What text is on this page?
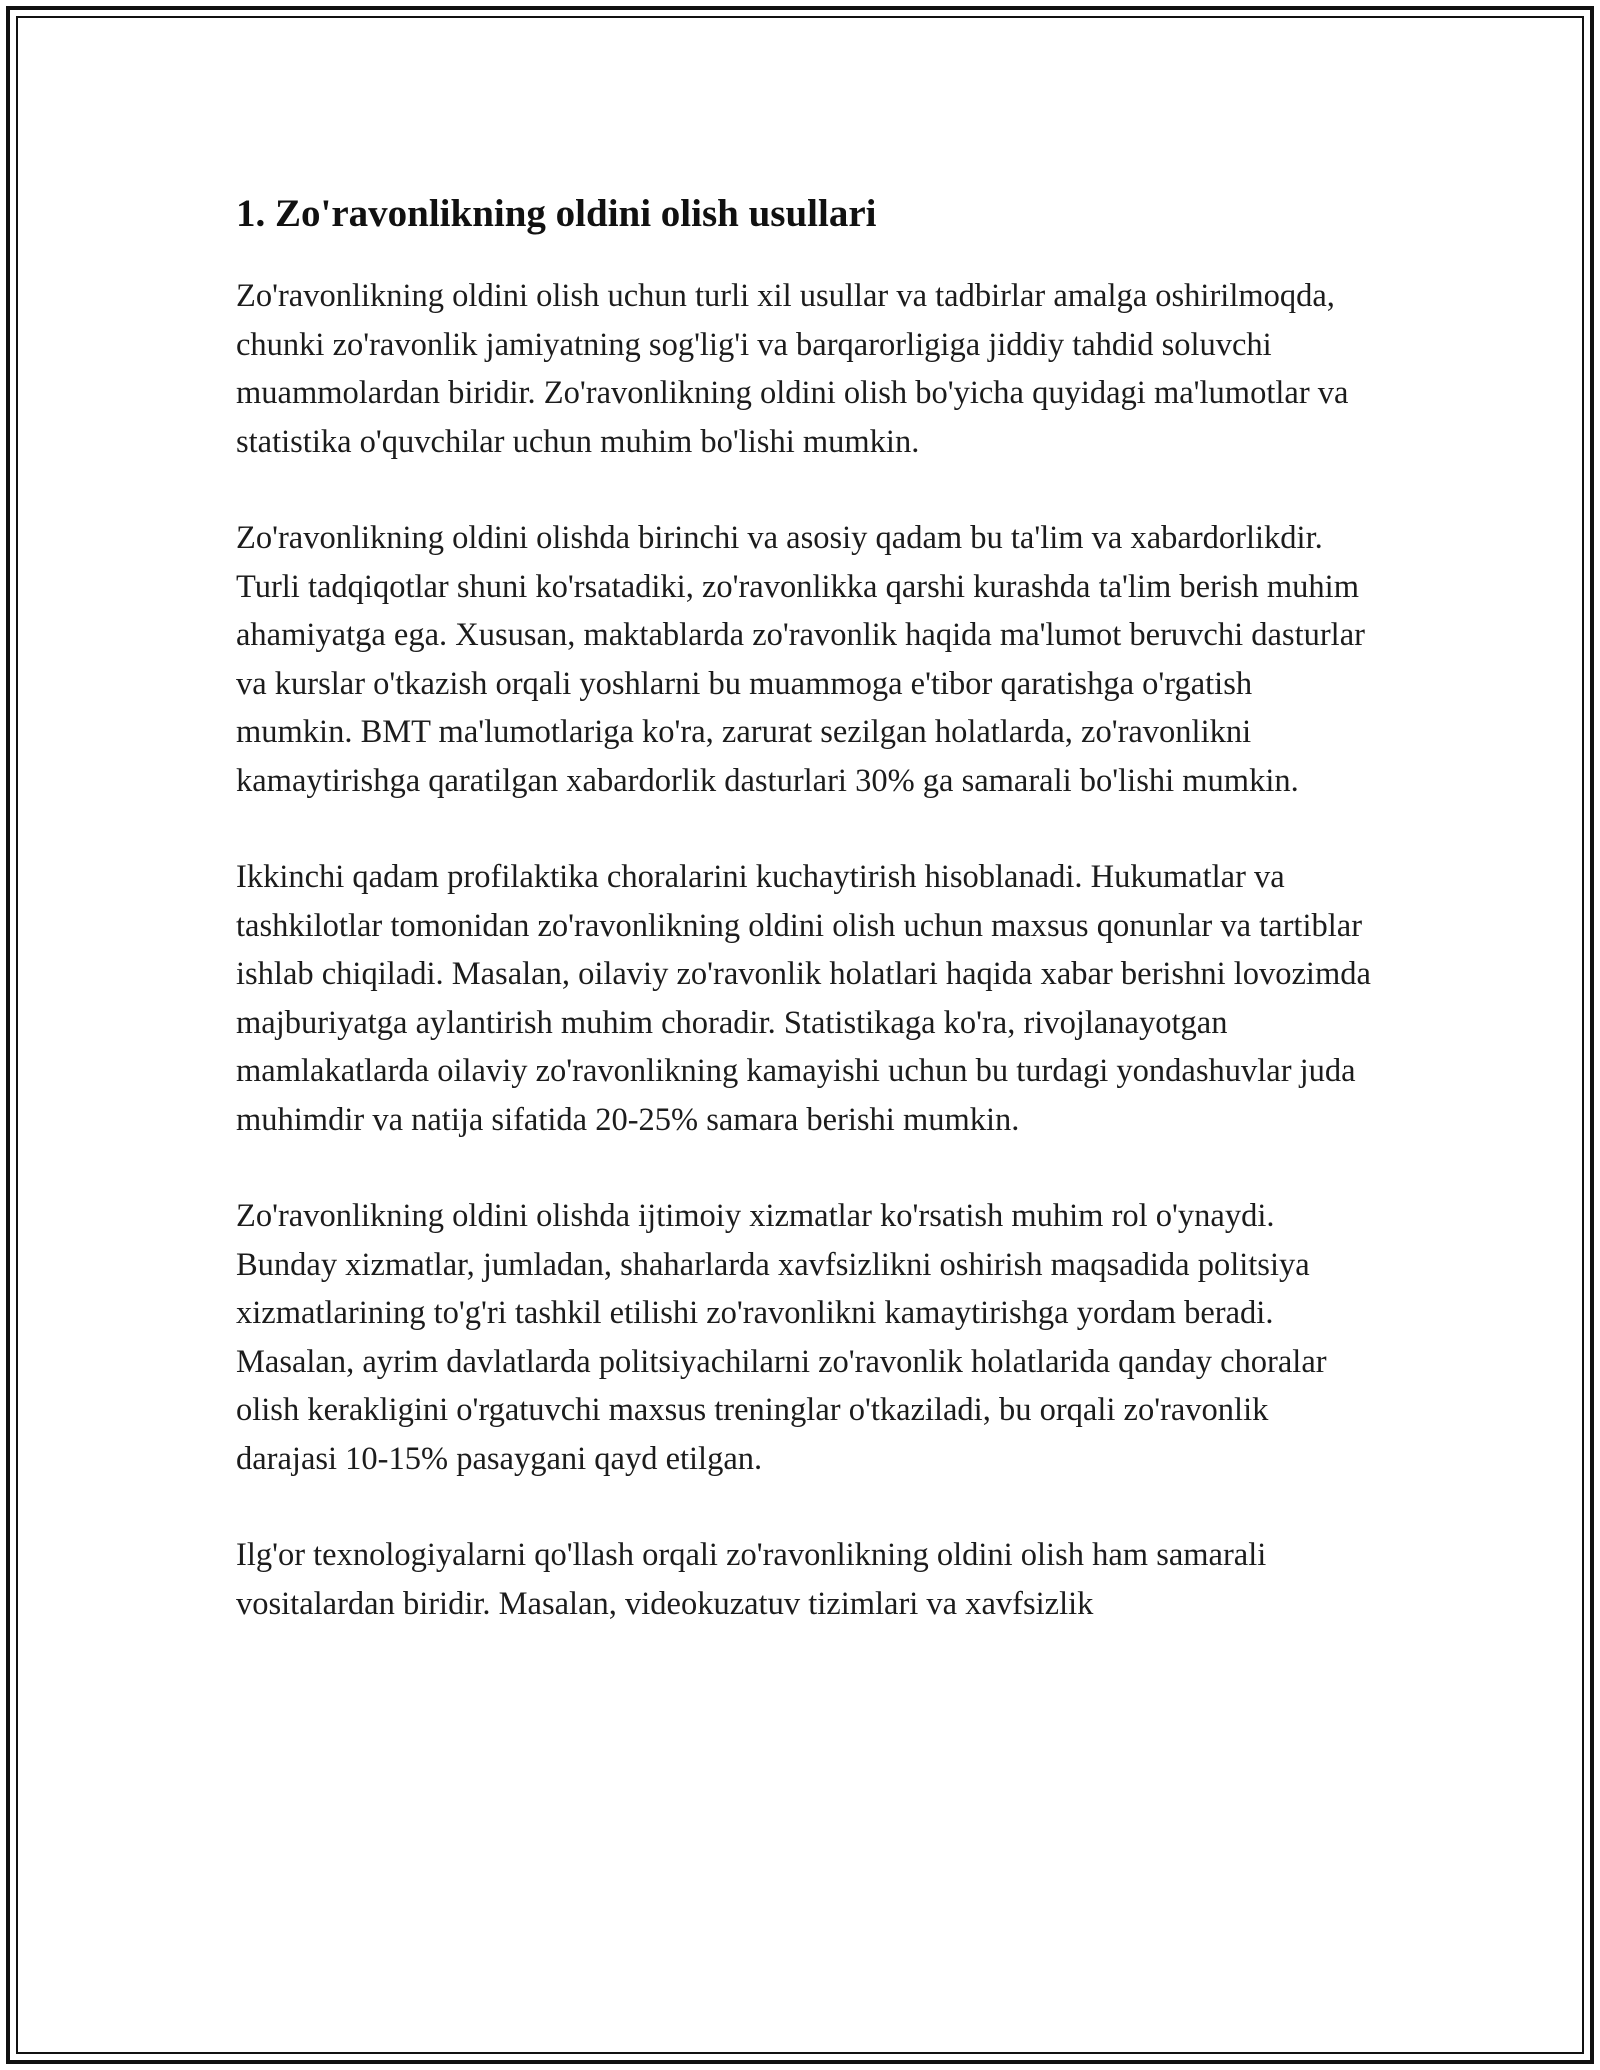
1. Zo'ravonlikning oldini olish usullari

Zo'ravonlikning oldini olish uchun turli xil usullar va tadbirlar amalga oshirilmoqda, chunki zo'ravonlik jamiyatning sog'lig'i va barqarorligiga jiddiy tahdid soluvchi muammolardan biridir. Zo'ravonlikning oldini olish bo'yicha quyidagi ma'lumotlar va statistika o'quvchilar uchun muhim bo'lishi mumkin.

Zo'ravonlikning oldini olishda birinchi va asosiy qadam bu ta'lim va xabardorlikdir. Turli tadqiqotlar shuni ko'rsatadiki, zo'ravonlikka qarshi kurashda ta'lim berish muhim ahamiyatga ega. Xususan, maktablarda zo'ravonlik haqida ma'lumot beruvchi dasturlar va kurslar o'tkazish orqali yoshlarni bu muammoga e'tibor qaratishga o'rgatish mumkin. BMT ma'lumotlariga ko'ra, zarurat sezilgan holatlarda, zo'ravonlikni kamaytirishga qaratilgan xabardorlik dasturlari 30% ga samarali bo'lishi mumkin.

Ikkinchi qadam profilaktika choralarini kuchaytirish hisoblanadi. Hukumatlar va tashkilotlar tomonidan zo'ravonlikning oldini olish uchun maxsus qonunlar va tartiblar ishlab chiqiladi. Masalan, oilaviy zo'ravonlik holatlari haqida xabar berishni lovozimda majburiyatga aylantirish muhim choradir. Statistikaga ko'ra, rivojlanayotgan mamlakatlarda oilaviy zo'ravonlikning kamayishi uchun bu turdagi yondashuvlar juda muhimdir va natija sifatida 20-25% samara berishi mumkin.

Zo'ravonlikning oldini olishda ijtimoiy xizmatlar ko'rsatish muhim rol o'ynaydi. Bunday xizmatlar, jumladan, shaharlarda xavfsizlikni oshirish maqsadida politsiya xizmatlarining to'g'ri tashkil etilishi zo'ravonlikni kamaytirishga yordam beradi. Masalan, ayrim davlatlarda politsiyachilarni zo'ravonlik holatlarida qanday choralar olish kerakligini o'rgatuvchi maxsus treninglar o'tkaziladi, bu orqali zo'ravonlik darajasi 10-15% pasaygani qayd etilgan.

Ilg'or texnologiyalarni qo'llash orqali zo'ravonlikning oldini olish ham samarali vositalardan biridir. Masalan, videokuzatuv tizimlari va xavfsizlik
